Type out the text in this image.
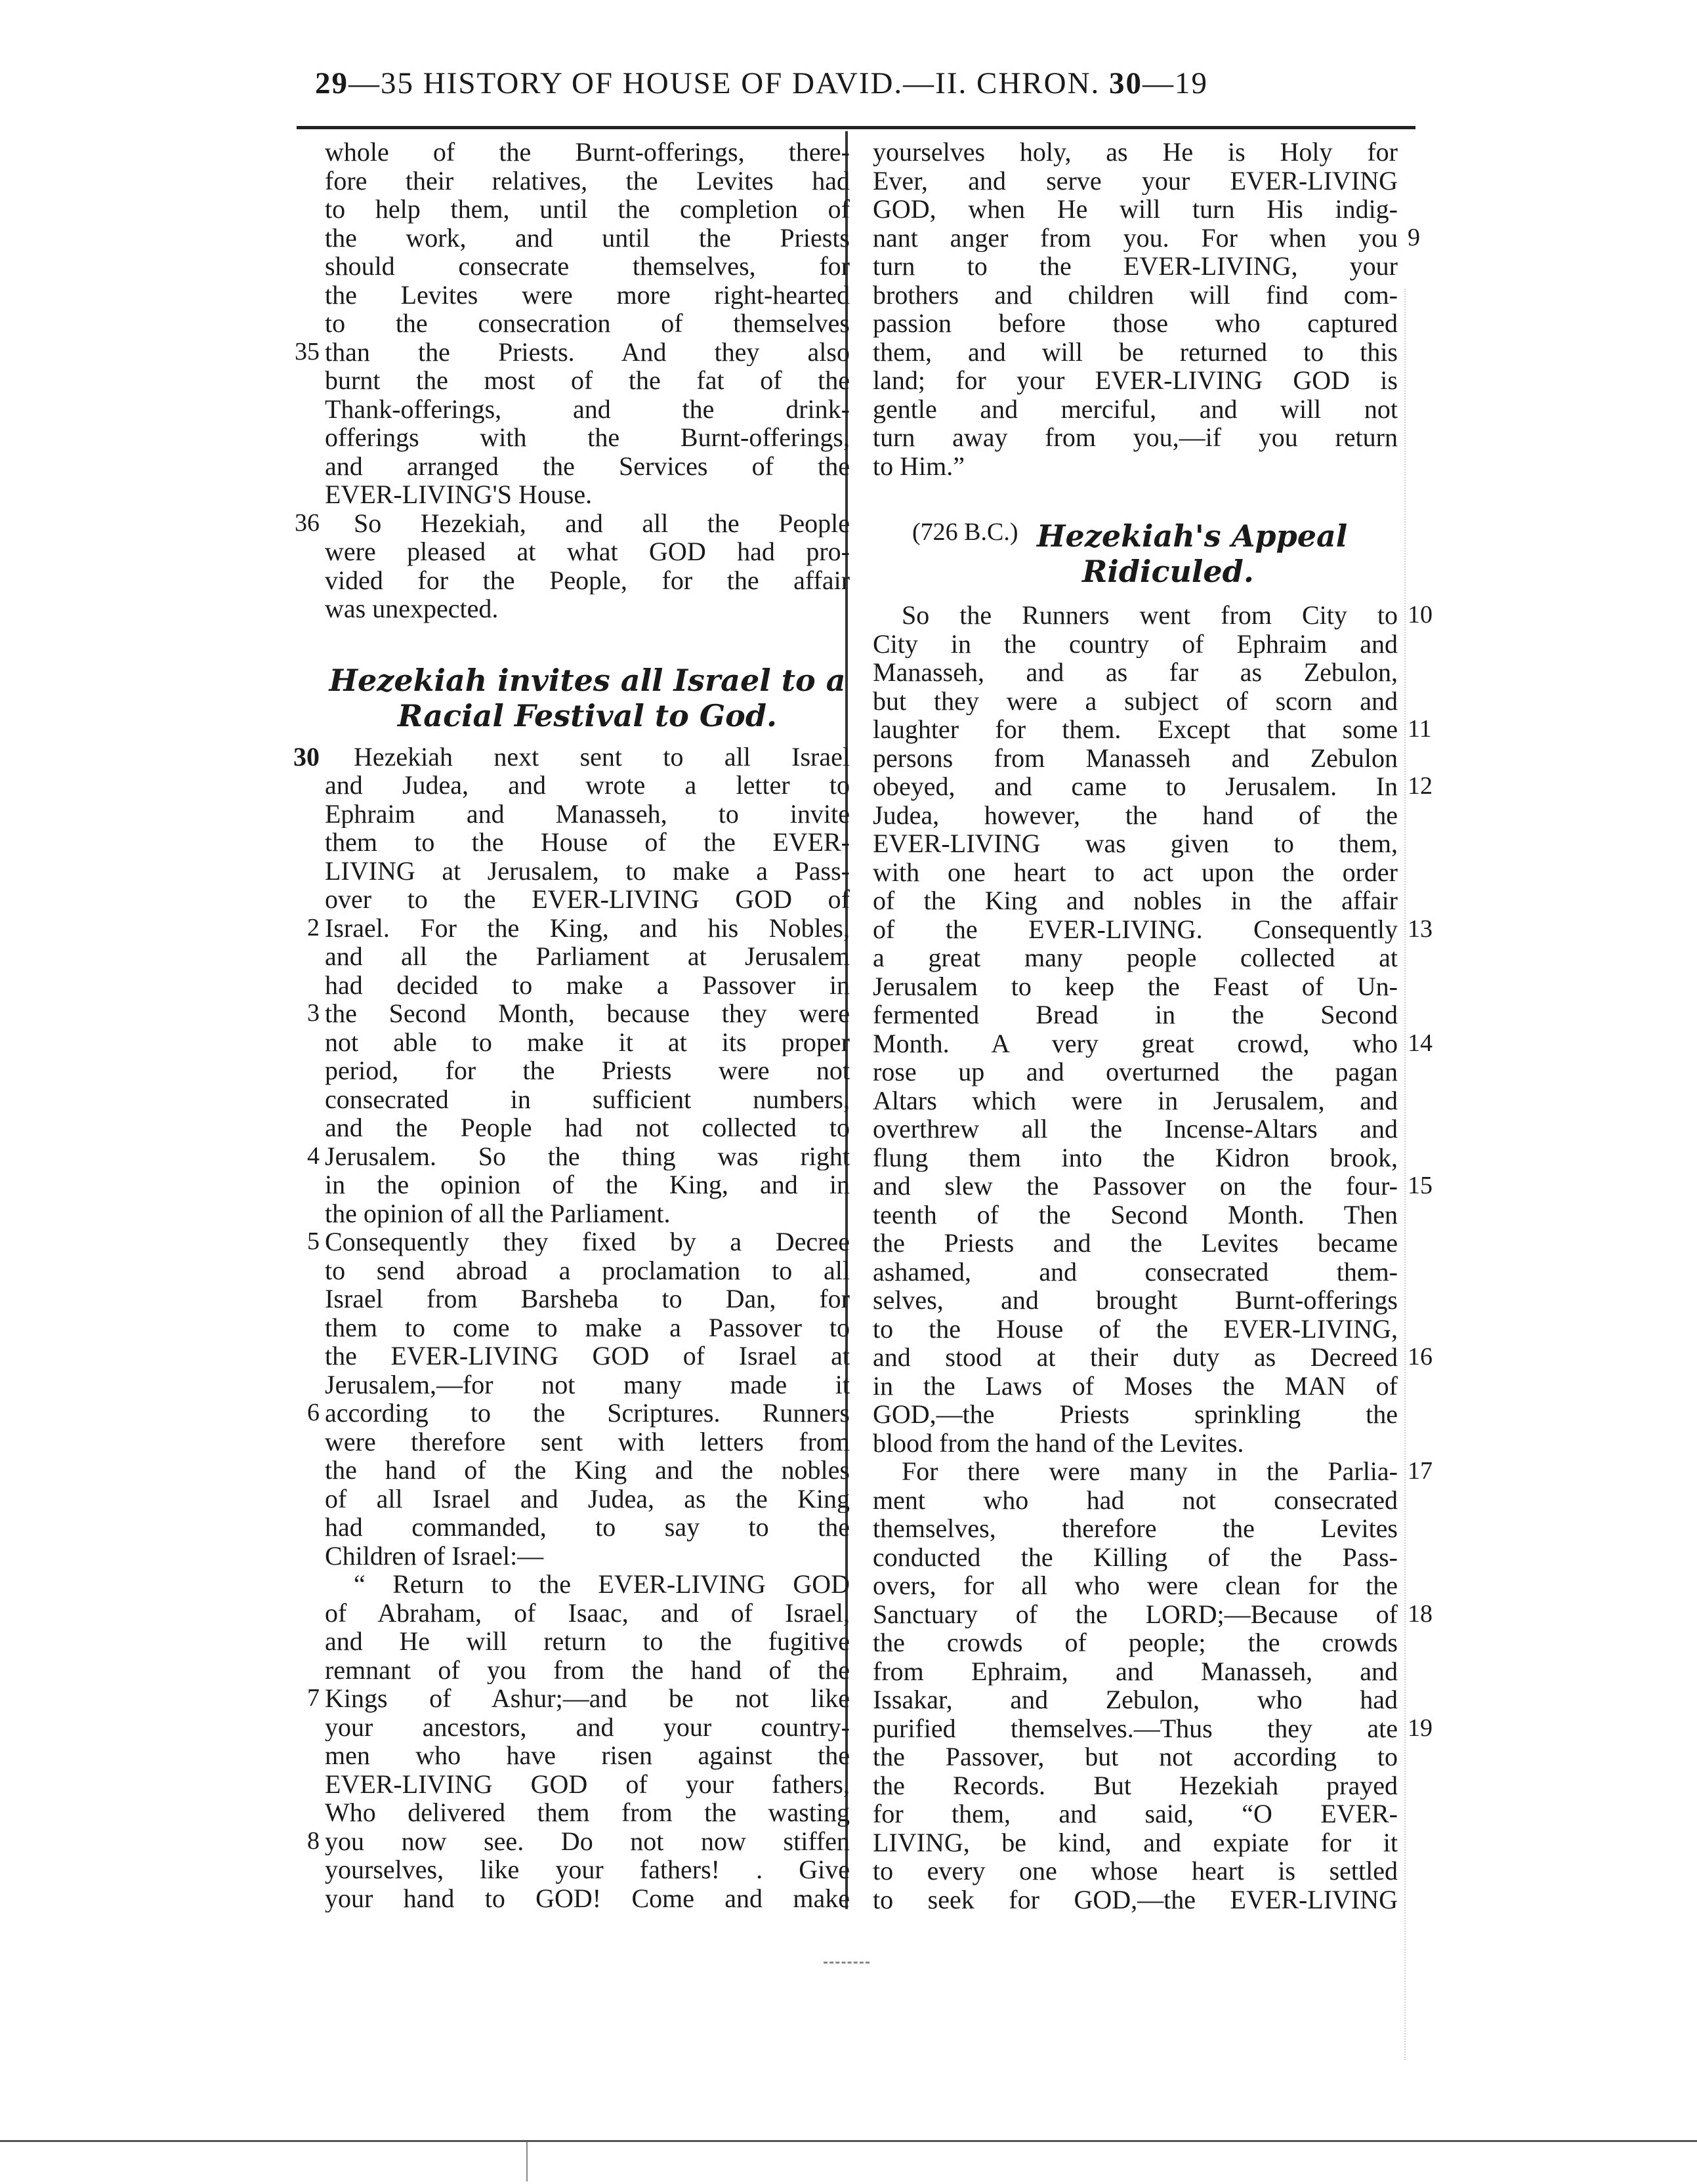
29—35 HISTORY OF HOUSE OF DAVID.—II. CHRON. 30—19
whole of the Burnt-offerings, there-
fore their relatives, the Levites had
to help them, until the completion of
the work, and until the Priests
should consecrate themselves, for
the Levites were more right-hearted
to the consecration of themselves
than the Priests. And they also
35
burnt the most of the fat of the
Thank-offerings, and the drink-
offerings with the Burnt-offerings,
and arranged the Services of the
EVER-LIVING'S House.
So Hezekiah, and all the People
36
were pleased at what GOD had pro-
vided for the People, for the affair
was unexpected.
Hezekiah invites all Israel to a
Racial Festival to God.
Hezekiah next sent to all Israel
30
and Judea, and wrote a letter to
Ephraim and Manasseh, to invite
them to the House of the EVER-
LIVING at Jerusalem, to make a Pass-
over to the EVER-LIVING GOD of
Israel. For the King, and his Nobles,
2
and all the Parliament at Jerusalem
had decided to make a Passover in
the Second Month, because they were
3
not able to make it at its proper
period, for the Priests were not
consecrated in sufficient numbers,
and the People had not collected to
Jerusalem. So the thing was right
4
in the opinion of the King, and in
the opinion of all the Parliament.
Consequently they fixed by a Decree
5
to send abroad a proclamation to all
Israel from Barsheba to Dan, for
them to come to make a Passover to
the EVER-LIVING GOD of Israel at
Jerusalem,—for not many made it
according to the Scriptures. Runners
6
were therefore sent with letters from
the hand of the King and the nobles
of all Israel and Judea, as the King
had commanded, to say to the
Children of Israel:—
“ Return to the EVER-LIVING GOD
of Abraham, of Isaac, and of Israel,
and He will return to the fugitive
remnant of you from the hand of the
Kings of Ashur;—and be not like
7
your ancestors, and your country-
men who have risen against the
EVER-LIVING GOD of your fathers,
Who delivered them from the wasting
you now see. Do not now stiffen
8
yourselves, like your fathers! . Give
your hand to GOD! Come and make
yourselves holy, as He is Holy for
Ever, and serve your EVER-LIVING
GOD, when He will turn His indig-
nant anger from you. For when you 9
turn to the EVER-LIVING, your
brothers and children will find com-
passion before those who captured
them, and will be returned to this
land; for your EVER-LIVING GOD is
gentle and merciful, and will not
turn away from you,—if you return
to Him.”
(726 B.C.) Hezekiah's Appeal
Ridiculed.
So the Runners went from City to 10
City in the country of Ephraim and
Manasseh, and as far as Zebulon,
but they were a subject of scorn and
laughter for them. Except that some 11
persons from Manasseh and Zebulon
obeyed, and came to Jerusalem. In 12
Judea, however, the hand of the
EVER-LIVING was given to them,
with one heart to act upon the order
of the King and nobles in the affair
of the EVER-LIVING. Consequently 13
a great many people collected at
Jerusalem to keep the Feast of Un-
fermented Bread in the Second
Month. A very great crowd, who 14
rose up and overturned the pagan
Altars which were in Jerusalem, and
overthrew all the Incense-Altars and
flung them into the Kidron brook,
and slew the Passover on the four- 15
teenth of the Second Month. Then
the Priests and the Levites became
ashamed, and consecrated them-
selves, and brought Burnt-offerings
to the House of the EVER-LIVING,
and stood at their duty as Decreed 16
in the Laws of Moses the MAN of
GOD,—the Priests sprinkling the
blood from the hand of the Levites.
For there were many in the Parlia- 17
ment who had not consecrated
themselves, therefore the Levites
conducted the Killing of the Pass-
overs, for all who were clean for the
Sanctuary of the LORD;—Because of 18
the crowds of people; the crowds
from Ephraim, and Manasseh, and
Issakar, and Zebulon, who had
purified themselves.—Thus they ate 19
the Passover, but not according to
the Records. But Hezekiah prayed
for them, and said, “O EVER-
LIVING, be kind, and expiate for it
to every one whose heart is settled
to seek for GOD,—the EVER-LIVING
